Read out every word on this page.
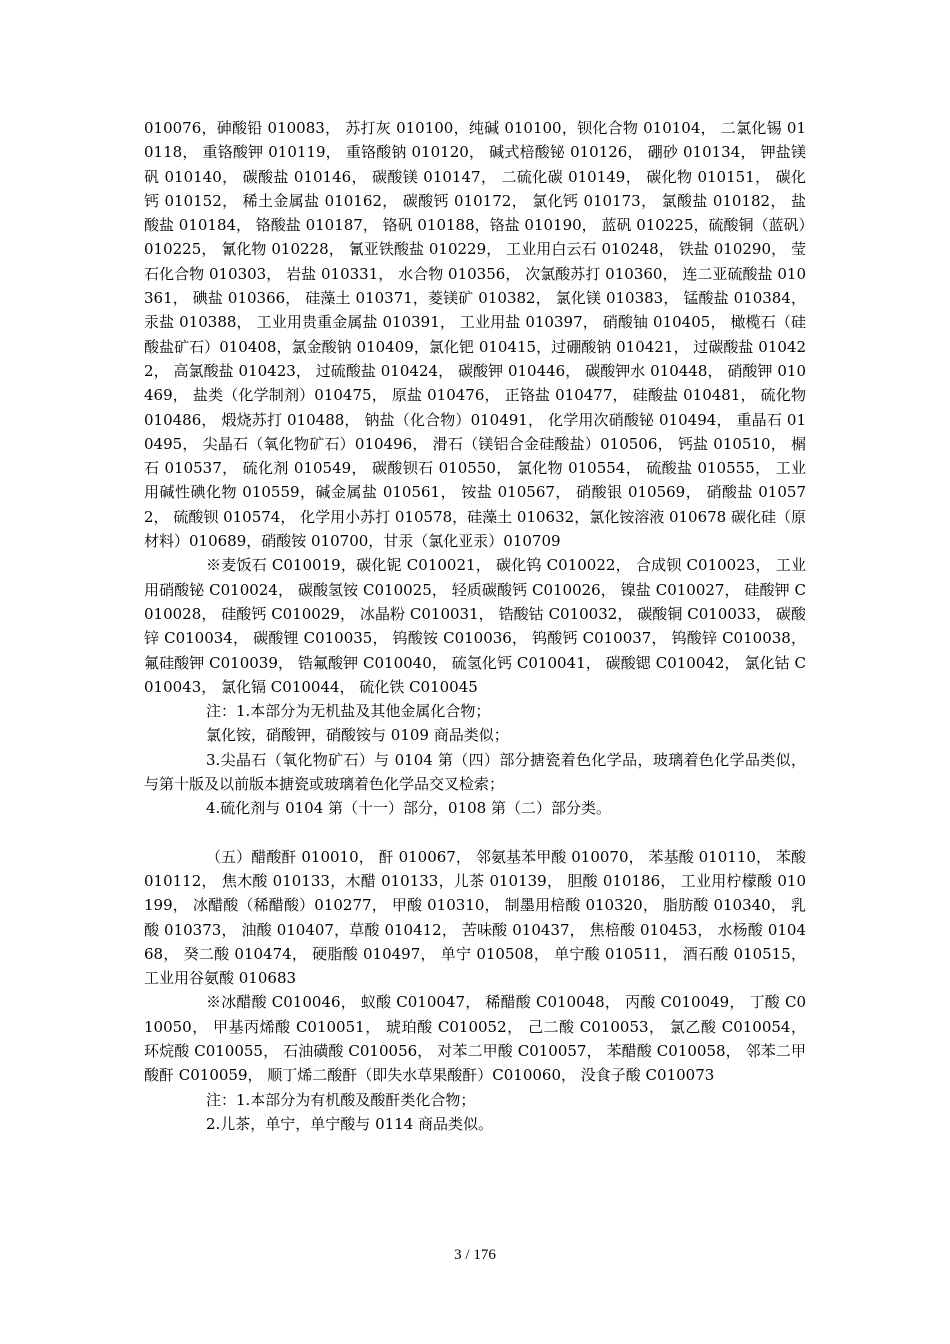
010076，砷酸铅 010083， 苏打灰 010100，纯碱 010100，钡化合物 010104， 二氯化锡 010118， 重铬酸钾 010119， 重铬酸钠 010120， 碱式棓酸铋 010126， 硼砂 010134， 钾盐镁矾 010140， 碳酸盐 010146， 碳酸镁 010147， 二硫化碳 010149， 碳化物 010151， 碳化钙 010152， 稀土金属盐 010162， 碳酸钙 010172， 氯化钙 010173， 氯酸盐 010182， 盐酸盐 010184， 铬酸盐 010187， 铬矾 010188，铬盐 010190， 蓝矾 010225，硫酸铜（蓝矾）010225， 氰化物 010228， 氰亚铁酸盐 010229， 工业用白云石 010248， 铁盐 010290， 莹石化合物 010303， 岩盐 010331， 水合物 010356， 次氯酸苏打 010360， 连二亚硫酸盐 010361， 碘盐 010366， 硅藻土 010371，菱镁矿 010382， 氯化镁 010383， 锰酸盐 010384， 汞盐 010388， 工业用贵重金属盐 010391， 工业用盐 010397， 硝酸铀 010405， 橄榄石（硅酸盐矿石）010408，氯金酸钠 010409，氯化钯 010415，过硼酸钠 010421， 过碳酸盐 010422， 高氯酸盐 010423， 过硫酸盐 010424， 碳酸钾 010446， 碳酸钾水 010448， 硝酸钾 010469， 盐类（化学制剂）010475， 原盐 010476， 正铬盐 010477， 硅酸盐 010481， 硫化物 010486， 煅烧苏打 010488， 钠盐（化合物）010491， 化学用次硝酸铋 010494， 重晶石 010495， 尖晶石（氧化物矿石）010496， 滑石（镁铝合金硅酸盐）010506， 钙盐 010510， 榍石 010537， 硫化剂 010549， 碳酸钡石 010550， 氯化物 010554， 硫酸盐 010555， 工业用碱性碘化物 010559，碱金属盐 010561， 铵盐 010567， 硝酸银 010569， 硝酸盐 010572， 硫酸钡 010574， 化学用小苏打 010578，硅藻土 010632，氯化铵溶液 010678 碳化硅（原材料）010689，硝酸铵 010700，甘汞（氯化亚汞）010709

※麦饭石 C010019，碳化铌 C010021， 碳化钨 C010022， 合成钡 C010023， 工业用硝酸铋 C010024， 碳酸氢铵 C010025， 轻质碳酸钙 C010026， 镍盐 C010027， 硅酸钾 C010028， 硅酸钙 C010029， 冰晶粉 C010031， 锆酸钴 C010032， 碳酸铜 C010033， 碳酸锌 C010034， 碳酸锂 C010035， 钨酸铵 C010036， 钨酸钙 C010037， 钨酸锌 C010038， 氟硅酸钾 C010039， 锆氟酸钾 C010040， 硫氢化钙 C010041， 碳酸锶 C010042， 氯化钴 C010043， 氯化镉 C010044， 硫化铁 C010045

注：1.本部分为无机盐及其他金属化合物；

氯化铵，硝酸钾，硝酸铵与 0109 商品类似；

3.尖晶石（氧化物矿石）与 0104 第（四）部分搪瓷着色化学品，玻璃着色化学品类似，与第十版及以前版本搪瓷或玻璃着色化学品交叉检索；

4.硫化剂与 0104 第（十一）部分，0108 第（二）部分类。

（五）醋酸酐 010010， 酐 010067， 邻氨基苯甲酸 010070， 苯基酸 010110， 苯酸 010112， 焦木酸 010133，木醋 010133，儿茶 010139， 胆酸 010186， 工业用柠檬酸 010199， 冰醋酸（稀醋酸）010277， 甲酸 010310， 制墨用棓酸 010320， 脂肪酸 010340， 乳酸 010373， 油酸 010407，草酸 010412， 苦味酸 010437， 焦棓酸 010453， 水杨酸 010468， 癸二酸 010474， 硬脂酸 010497， 单宁 010508， 单宁酸 010511， 酒石酸 010515，工业用谷氨酸 010683

※冰醋酸 C010046， 蚁酸 C010047， 稀醋酸 C010048， 丙酸 C010049， 丁酸 C010050， 甲基丙烯酸 C010051， 琥珀酸 C010052， 己二酸 C010053， 氯乙酸 C010054， 环烷酸 C010055， 石油磺酸 C010056， 对苯二甲酸 C010057， 苯醋酸 C010058， 邻苯二甲酸酐 C010059， 顺丁烯二酸酐（即失水草果酸酐）C010060， 没食子酸 C010073

注：1.本部分为有机酸及酸酐类化合物；

2.儿茶，单宁，单宁酸与 0114 商品类似。

3 / 176
